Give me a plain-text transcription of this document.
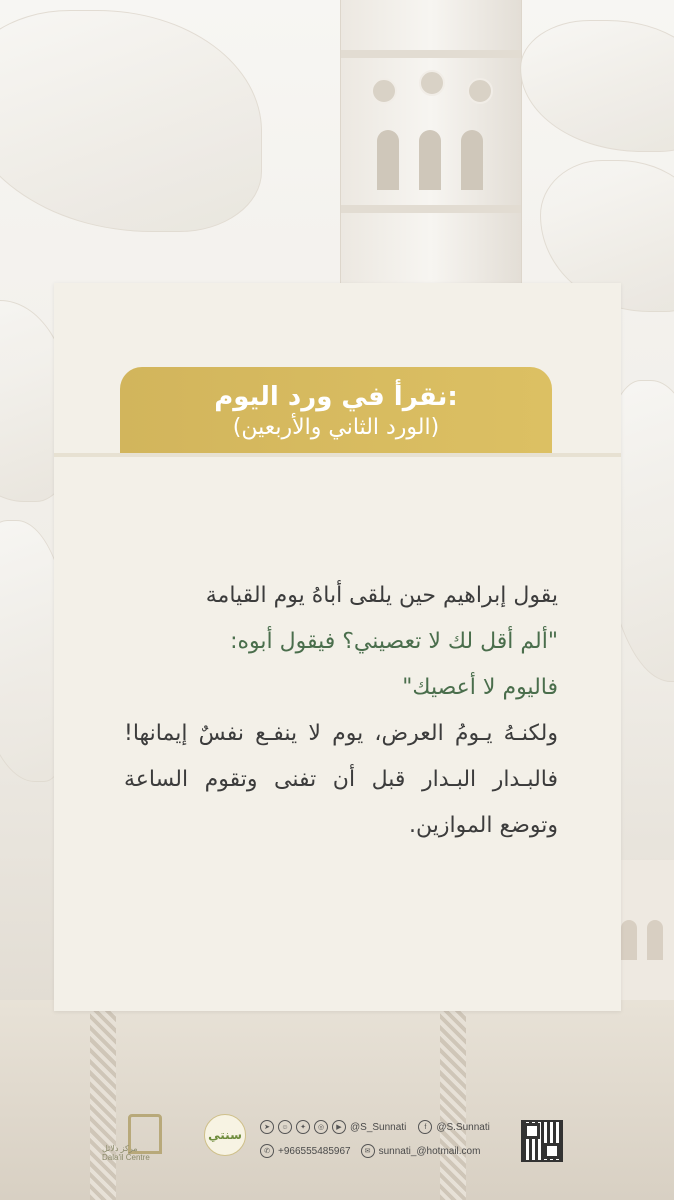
نقرأ في ورد اليوم:

(الورد الثاني والأربعين)

يقول إبراهيم حين يلقى أباهُ يوم القيامة
"ألم أقل لك لا تعصيني؟ فيقول أبوه:
فاليوم لا أعصيك"
ولكنـهُ يـومُ العرض، يوم لا ينفـع نفسٌ إيمانها! فالبـدار البـدار قبل أن تفنى وتقوم الساعة وتوضع الموازين.
➤	☺	✦	◎	▶ @S_Sunnati	f	@S.Sunnati
✆ +966555485967	✉ sunnati_@hotmail.com
سنتي
مركز دلائل
Dala'il Centre
